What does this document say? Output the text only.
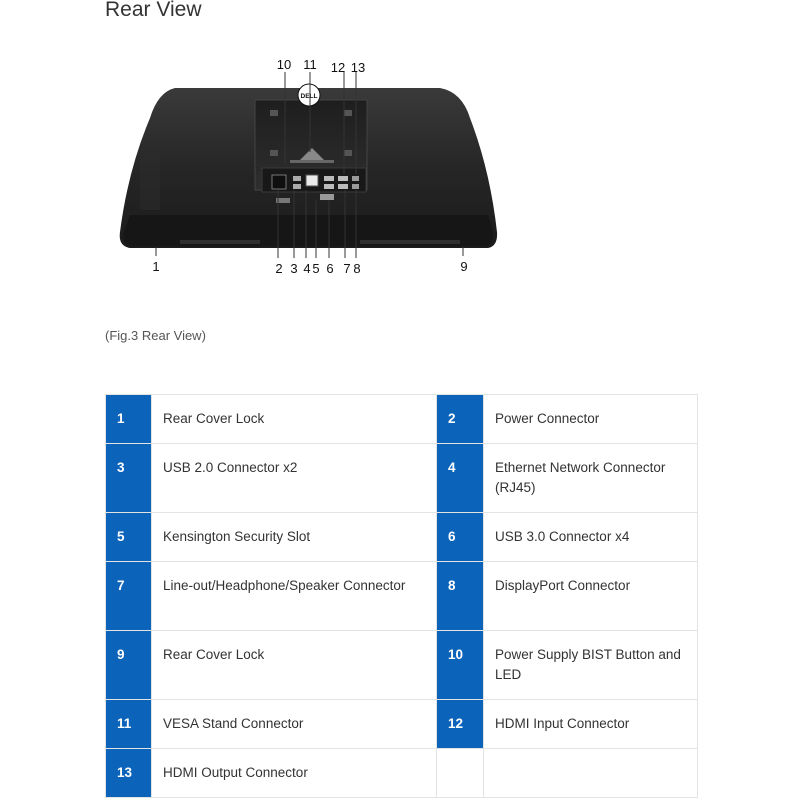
Rear View
DELL
10 11 12 13
1	2 3 4 5 6 7 8	9
(Fig.3 Rear View)
1	Rear Cover Lock	2	Power Connector

3	USB 2.0 Connector x2	4	Ethernet Network Connector (RJ45)

5	Kensington Security Slot	6	USB 3.0 Connector x4

7	Line-out/Headphone/Speaker Connector	8	DisplayPort Connector

9	Rear Cover Lock	10	Power Supply BIST Button and LED

11	VESA Stand Connector	12	HDMI Input Connector

13	HDMI Output Connector		
